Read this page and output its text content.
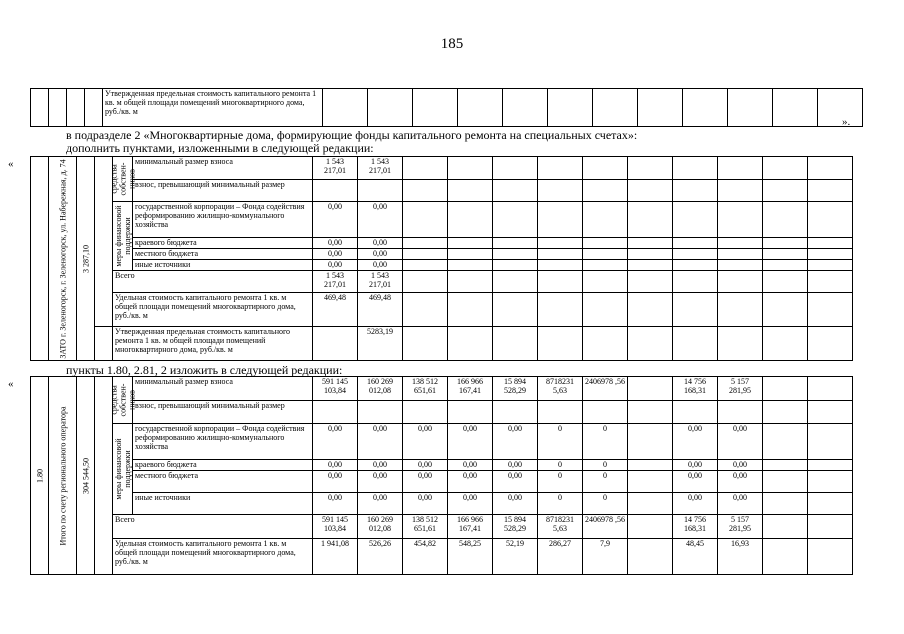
185
				Утвержденная предельная стоимость капитального ремонта 1 кв. м общей площади помещений многоквартирного дома, руб./кв. м												
».
в подразделе 2 «Многоквартирные дома, формирующие фонды капитального ремонта на специальных счетах»:
дополнить пунктами, изложенными в следующей редакции:
«

	ЗАТО г. Зеленогорск, г. Зеленогорск, ул. Набережная, д. 74	3 287,10		средства собствен-ников	минимальный размер взноса	1 543 217,01	1 543 217,01										
					взнос, превышающий минимальный размер												

				меры финансовой поддержки	государственной корпорации – Фонда содействия реформированию жилищно-коммунального хозяйства	0,00	0,00										
					краевого бюджета	0,00	0,00										
					местного бюджета	0,00	0,00										
					иные источники	0,00	0,00										
				Всего		1 543 217,01	1 543 217,01										
				Удельная стоимость капитального ремонта 1 кв. м общей площади помещений многоквартирного дома, руб./кв. м		469,48	469,48										
				Утвержденная предельная стоимость капитального ремонта 1 кв. м общей площади помещений многоквартирного дома, руб./кв. м			5283,19										
пункты 1.80, 2.81, 2 изложить в следующей редакции:
«
1.80	Итого по счету регионального оператора	304 544,50		средства собствен-ников	минимальный размер взноса	591 145 103,84	160 269 012,08	138 512 651,61	166 966 167,41	15 894 528,29	8718231 5,63	2406978 ,56		14 756 168,31	5 157 281,95		
					взнос, превышающий минимальный размер												

				меры финансовой поддержки	государственной корпорации – Фонда содействия реформированию жилищно-коммунального хозяйства	0,00	0,00	0,00	0,00	0,00	0	0		0,00	0,00		
					краевого бюджета	0,00	0,00	0,00	0,00	0,00	0	0		0,00	0,00		
					местного бюджета	0,00	0,00	0,00	0,00	0,00	0	0		0,00	0,00		
					иные источники	0,00	0,00	0,00	0,00	0,00	0	0		0,00	0,00		
				Всего		591 145 103,84	160 269 012,08	138 512 651,61	166 966 167,41	15 894 528,29	8718231 5,63	2406978 ,56		14 756 168,31	5 157 281,95		
				Удельная стоимость капитального ремонта 1 кв. м общей площади помещений многоквартирного дома, руб./кв. м		1 941,08	526,26	454,82	548,25	52,19	286,27	7,9		48,45	16,93		
